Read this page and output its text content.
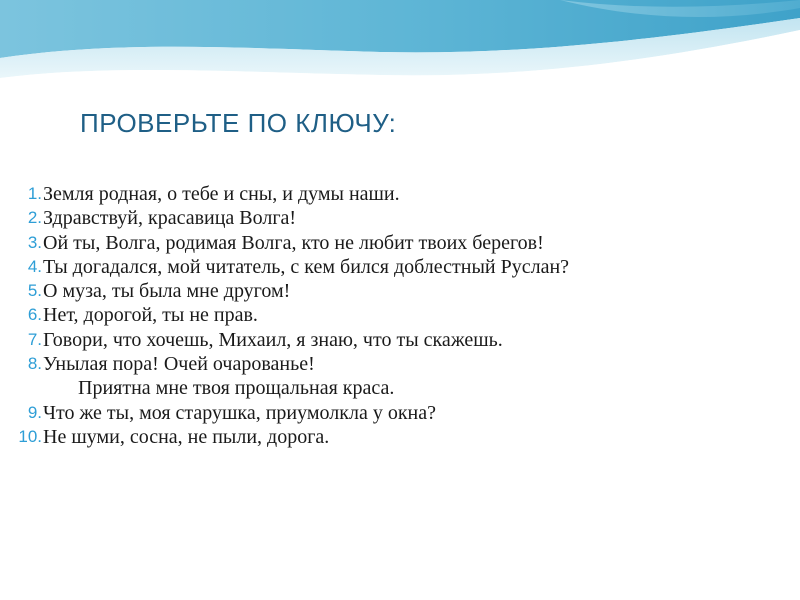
ПРОВЕРЬТЕ ПО КЛЮЧУ:
1. Земля родная, о тебе и сны, и думы наши.
2. Здравствуй, красавица Волга!
3. Ой ты, Волга, родимая Волга, кто не любит твоих берегов!
4. Ты догадался, мой читатель, с кем бился доблестный Руслан?
5. О муза, ты была мне другом!
6. Нет, дорогой, ты не прав.
7. Говори, что хочешь, Михаил, я знаю, что ты скажешь.
8. Унылая пора! Очей очарованье!
Приятна мне твоя прощальная краса.
9. Что же ты, моя старушка, приумолкла у окна?
10. Не шуми, сосна, не пыли, дорога.
